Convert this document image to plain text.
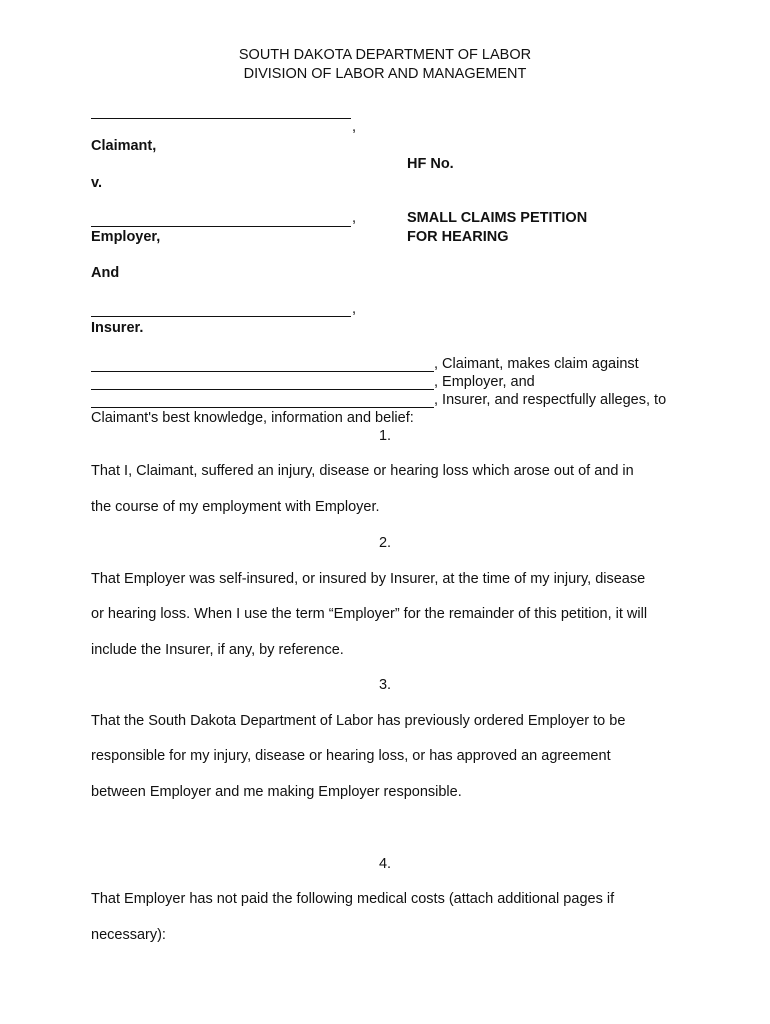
SOUTH DAKOTA DEPARTMENT OF LABOR
DIVISION OF LABOR AND MANAGEMENT
,
Claimant,
HF No.
v.
,
Employer,
SMALL CLAIMS PETITION
FOR HEARING
And
,
Insurer.
, Claimant, makes claim against
, Employer, and
, Insurer, and respectfully alleges, to
Claimant's best knowledge, information and belief:
1.
That I, Claimant, suffered an injury, disease or hearing loss which arose out of and in
the course of my employment with Employer.
2.
That Employer was self-insured, or insured by Insurer, at the time of my injury, disease
or hearing loss. When I use the term “Employer” for the remainder of this petition, it will
include the Insurer, if any, by reference.
3.
That the South Dakota Department of Labor has previously ordered Employer to be
responsible for my injury, disease or hearing loss, or has approved an agreement
between Employer and me making Employer responsible.
4.
That Employer has not paid the following medical costs (attach additional pages if
necessary):
